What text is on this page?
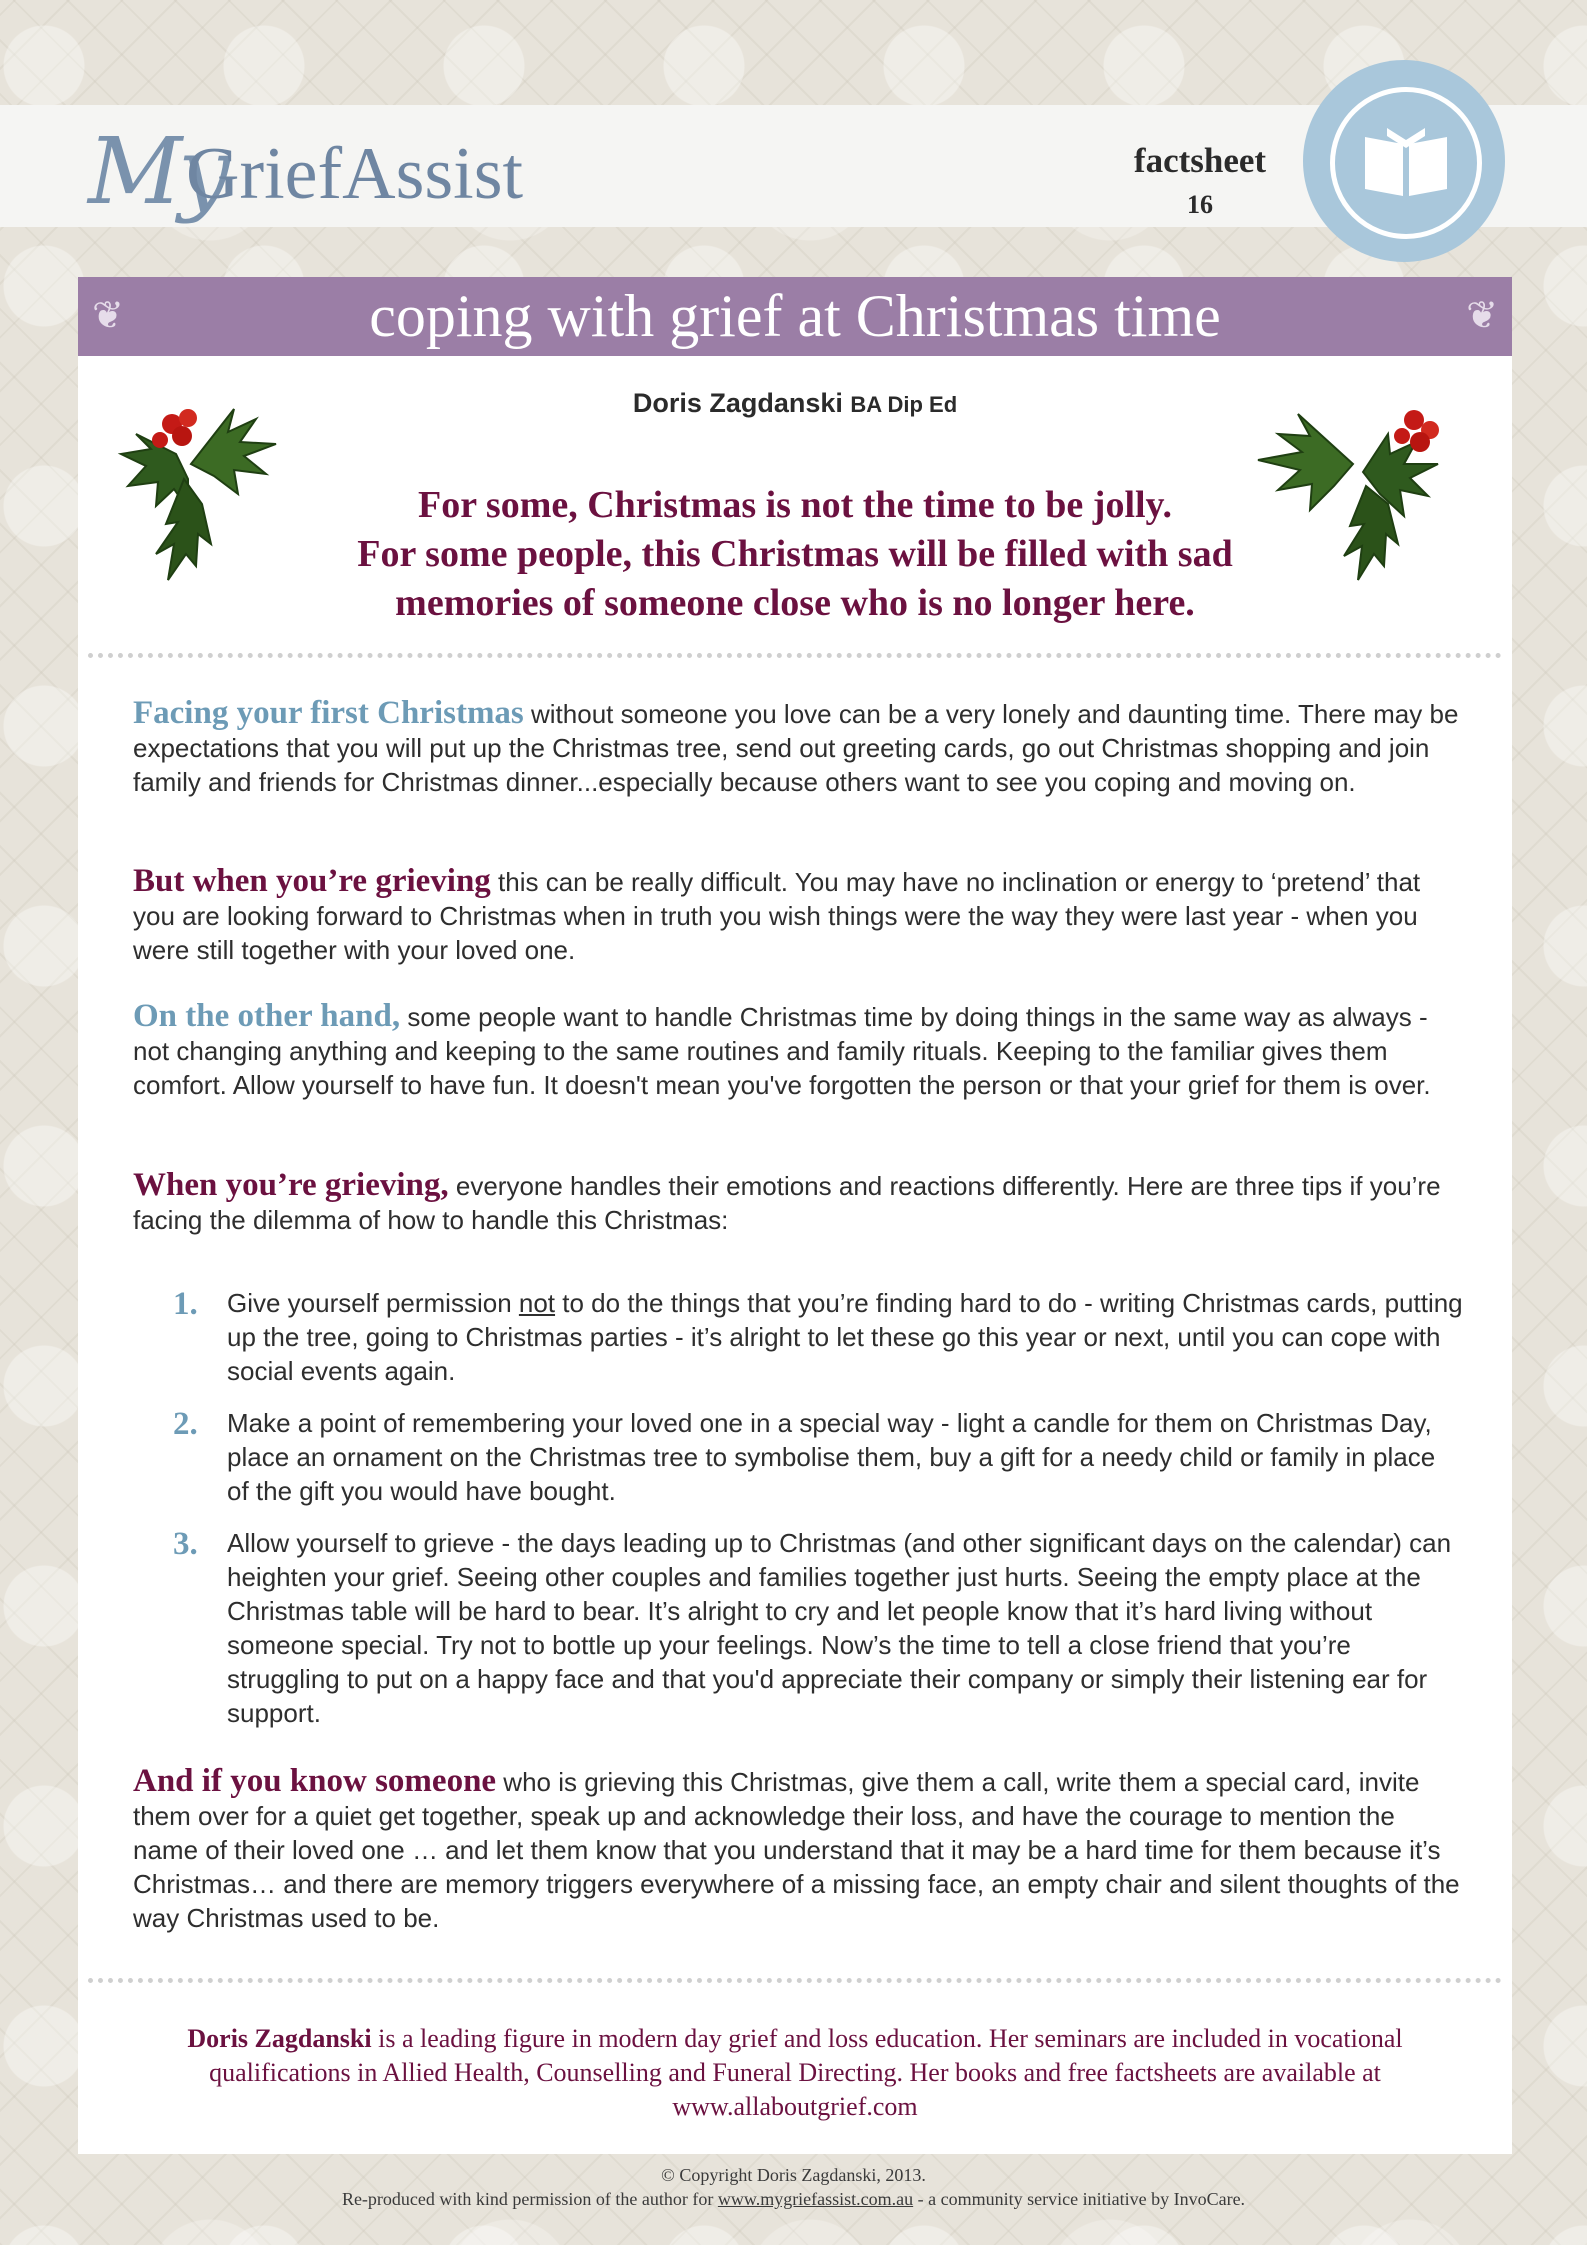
My
GriefAssist	factsheet
16
❦	coping with grief at Christmas time	❦
Doris Zagdanski BA Dip Ed
For some, Christmas is not the time to be jolly.
For some people, this Christmas will be filled with sad
memories of someone close who is no longer here.
Facing your first Christmas without someone you love can be a very lonely and daunting time. There may be expectations that you will put up the Christmas tree, send out greeting cards, go out Christmas shopping and join family and friends for Christmas dinner...especially because others want to see you coping and moving on.
But when you’re grieving this can be really difficult. You may have no inclination or energy to ‘pretend’ that you are looking forward to Christmas when in truth you wish things were the way they were last year - when you were still together with your loved one.
On the other hand, some people want to handle Christmas time by doing things in the same way as always - not changing anything and keeping to the same routines and family rituals. Keeping to the familiar gives them comfort. Allow yourself to have fun. It doesn't mean you've forgotten the person or that your grief for them is over.
When you’re grieving, everyone handles their emotions and reactions differently. Here are three tips if you’re facing the dilemma of how to handle this Christmas:
1.	Give yourself permission not to do the things that you’re finding hard to do - writing Christmas cards, putting up the tree, going to Christmas parties - it’s alright to let these go this year or next, until you can cope with social events again.
2.	Make a point of remembering your loved one in a special way - light a candle for them on Christmas Day, place an ornament on the Christmas tree to symbolise them, buy a gift for a needy child or family in place of the gift you would have bought.
3.	Allow yourself to grieve - the days leading up to Christmas (and other significant days on the calendar) can heighten your grief. Seeing other couples and families together just hurts. Seeing the empty place at the Christmas table will be hard to bear. It’s alright to cry and let people know that it’s hard living without someone special. Try not to bottle up your feelings. Now’s the time to tell a close friend that you’re struggling to put on a happy face and that you'd appreciate their company or simply their listening ear for support.
And if you know someone who is grieving this Christmas, give them a call, write them a special card, invite them over for a quiet get together, speak up and acknowledge their loss, and have the courage to mention the name of their loved one … and let them know that you understand that it may be a hard time for them because it’s Christmas… and there are memory triggers everywhere of a missing face, an empty chair and silent thoughts of the way Christmas used to be.
Doris Zagdanski is a leading figure in modern day grief and loss education. Her seminars are included in vocational qualifications in Allied Health, Counselling and Funeral Directing. Her books and free factsheets are available at www.allaboutgrief.com
© Copyright Doris Zagdanski, 2013.
Re-produced with kind permission of the author for www.mygriefassist.com.au - a community service initiative by InvoCare.
